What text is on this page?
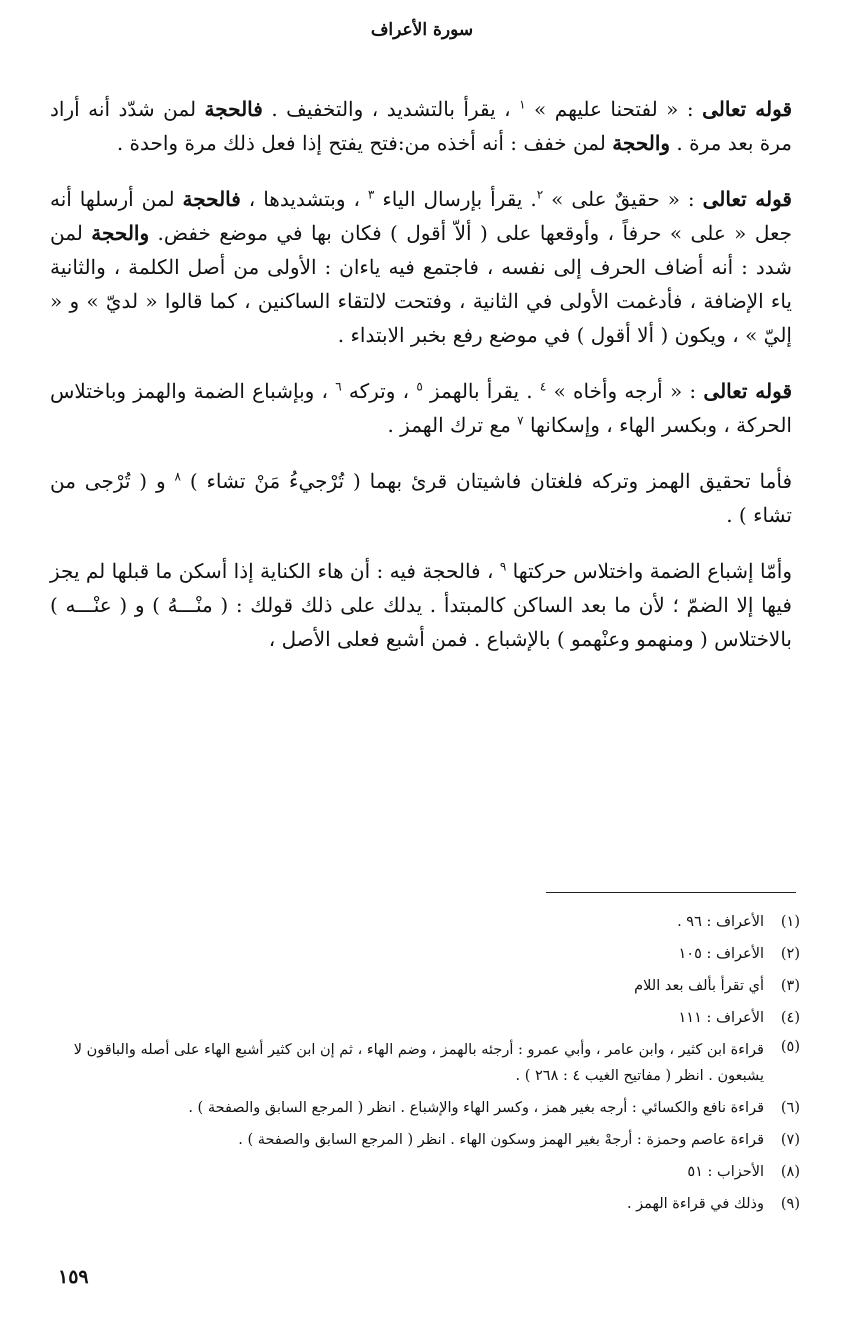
سورة الأعراف

قوله تعالى : « لفتحنا عليهم » $^١$ ، يقرأ بالتشديد ، والتخفيف . فالحجة لمن شدّد أنه أراد مرة بعد مرة . والحجة لمن خفف : أنه أخذه من:فتح يفتح إذا فعل ذلك مرة واحدة .

قوله تعالى : « حقيقٌ على » $^٢$. يقرأ بإرسال الياء $^٣$ ، وبتشديدها ، فالحجة لمن أرسلها أنه جعل « على » حرفاً ، وأوقعها على ( ألاّ أقول ) فكان بها في موضع خفض. والحجة لمن شدد : أنه أضاف الحرف إلى نفسه ، فاجتمع فيه ياءان : الأولى من أصل الكلمة ، والثانية ياء الإضافة ، فأدغمت الأولى في الثانية ، وفتحت لالتقاء الساكنين ، كما قالوا « لديّ » و « إليّ » ، ويكون ( ألا أقول ) في موضع رفع بخبر الابتداء .

قوله تعالى : « أرجه وأخاه » $^٤$ . يقرأ بالهمز $^٥$ ، وتركه $^٦$ ، وبإشباع الضمة والهمز وباختلاس الحركة ، وبكسر الهاء ، وإسكانها $^٧$ مع ترك الهمز .

فأما تحقيق الهمز وتركه فلغتان فاشيتان قرئ بهما ( تُرْجيءُ مَنْ تشاء ) $^٨$ و ( تُرْجى من تشاء ) .

وأمّا إشباع الضمة واختلاس حركتها $^٩$ ، فالحجة فيه : أن هاء الكناية إذا أسكن ما قبلها لم يجز فيها إلا الضمّ ؛ لأن ما بعد الساكن كالمبتدأ . يدلك على ذلك قولك : ( منْـــهُ ) و ( عنْـــه ) بالاختلاس ( ومنهمو وعنْهمو ) بالإشباع . فمن أشبع فعلى الأصل ،

(١)
الأعراف : ٩٦ .
(٢)
الأعراف : ١٠٥
(٣)
أي تقرأ بألف بعد اللام
(٤)
الأعراف : ١١١
(٥)
قراءة ابن كثير ، وابن عامر ، وأبي عمرو : أرجئه بالهمز ، وضم الهاء ، ثم إن ابن كثير أشبع الهاء على أصله والباقون لا يشبعون . انظر ( مفاتيح الغيب ٤ : ٢٦٨ ) .
(٦)
قراءة نافع والكسائي : أرجه بغير همز ، وكسر الهاء والإشباع . انظر ( المرجع السابق والصفحة ) .
(٧)
قراءة عاصم وحمزة : أرجهْ بغير الهمز وسكون الهاء . انظر ( المرجع السابق والصفحة ) .
(٨)
الأحزاب : ٥١
(٩)
وذلك في قراءة الهمز .
١٥٩
